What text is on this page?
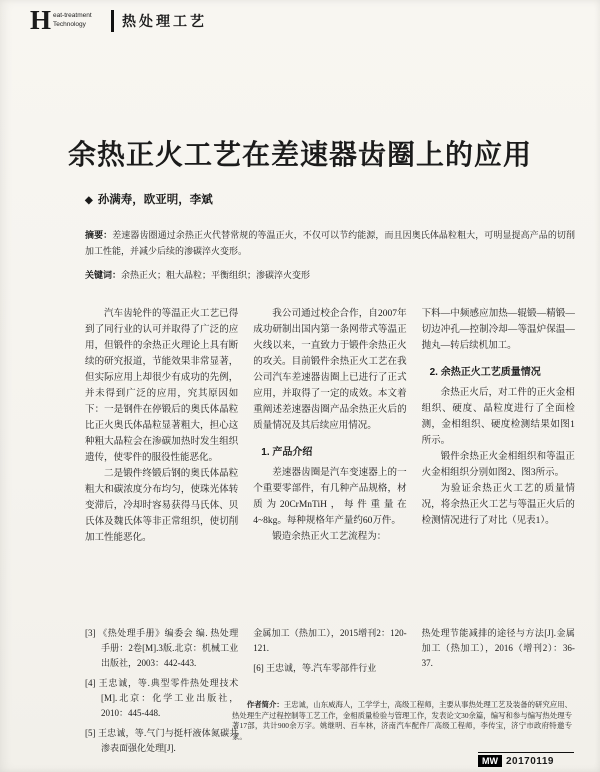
H eat-treatment
Technology	热处理工艺
余热正火工艺在差速器齿圈上的应用
◆ 孙满寿，欧亚明，李斌

摘要：差速器齿圈通过余热正火代替常规的等温正火，不仅可以节约能源，而且因奥氏体晶粒粗大，可明显提高产品的切削加工性能，并减少后续的渗碳淬火变形。

关键词：余热正火；粗大晶粒；平衡组织；渗碳淬火变形

汽车齿轮件的等温正火工艺已得到了同行业的认可并取得了广泛的应用，但锻件的余热正火理论上具有断续的研究报道，节能效果非常显著，但实际应用上却很少有成功的先例，并未得到广泛的应用，究其原因如下：一是钢件在停锻后的奥氏体晶粒比正火奥氏体晶粒显著粗大，担心这种粗大晶粒会在渗碳加热时发生组织遗传，使零件的服役性能恶化。

二是锻件终锻后钢的奥氏体晶粒粗大和碳浓度分布均匀，使珠光体转变滞后，冷却时容易获得马氏体、贝氏体及魏氏体等非正常组织，使切削加工性能恶化。

我公司通过校企合作，自2007年成功研制出国内第一条网带式等温正火线以来，一直致力于锻件余热正火的攻关。目前锻件余热正火工艺在我公司汽车差速器齿圈上已进行了正式应用，并取得了一定的成效。本文着重阐述差速器齿圈产品余热正火后的质量情况及其后续应用情况。

1. 产品介绍

差速器齿圈是汽车变速器上的一个重要零部件，有几种产品规格，材质为20CrMnTiH，每件重量在4~8kg。每种规格年产量约60万件。

锻造余热正火工艺流程为：

下料—中频感应加热—辊锻—精锻—切边冲孔—控制冷却—等温炉保温—抛丸—转后续机加工。

2. 余热正火工艺质量情况

余热正火后，对工件的正火金相组织、硬度、晶粒度进行了全面检测，金相组织、硬度检测结果如图1所示。

锻件余热正火金相组织和等温正火金相组织分别如图2、图3所示。

为验证余热正火工艺的质量情况，将余热正火工艺与等温正火后的检测情况进行了对比（见表1）。

[3] 《热处理手册》编委会 编. 热处理手册：2卷[M].3版.北京：机械工业出版社，2003：442-443.

[4] 王忠诚，等.典型零件热处理技术[M].北京：化学工业出版社，2010：445-448.

[5] 王忠诚，等.气门与挺杆液体氮碳共渗表面强化处理[J].

金属加工（热加工），2015增刊2：120-121.

[6] 王忠诚，等.汽车零部件行业

热处理节能减排的途径与方法[J].金属加工（热加工），2016（增刊2）：36-37.

作者简介：王忠诚，山东威海人，工学学士，高级工程师，主要从事热处理工艺及装备的研究应用、热处理生产过程控制等工艺工作，金相质量检验与管理工作，发表论文30余篇，编写和参与编写热处理专著17部，共计900余万字。姚继明、百车林，济南汽车配件厂高级工程师，李传宝，济宁市政府特邀专家。

MW 20170119
